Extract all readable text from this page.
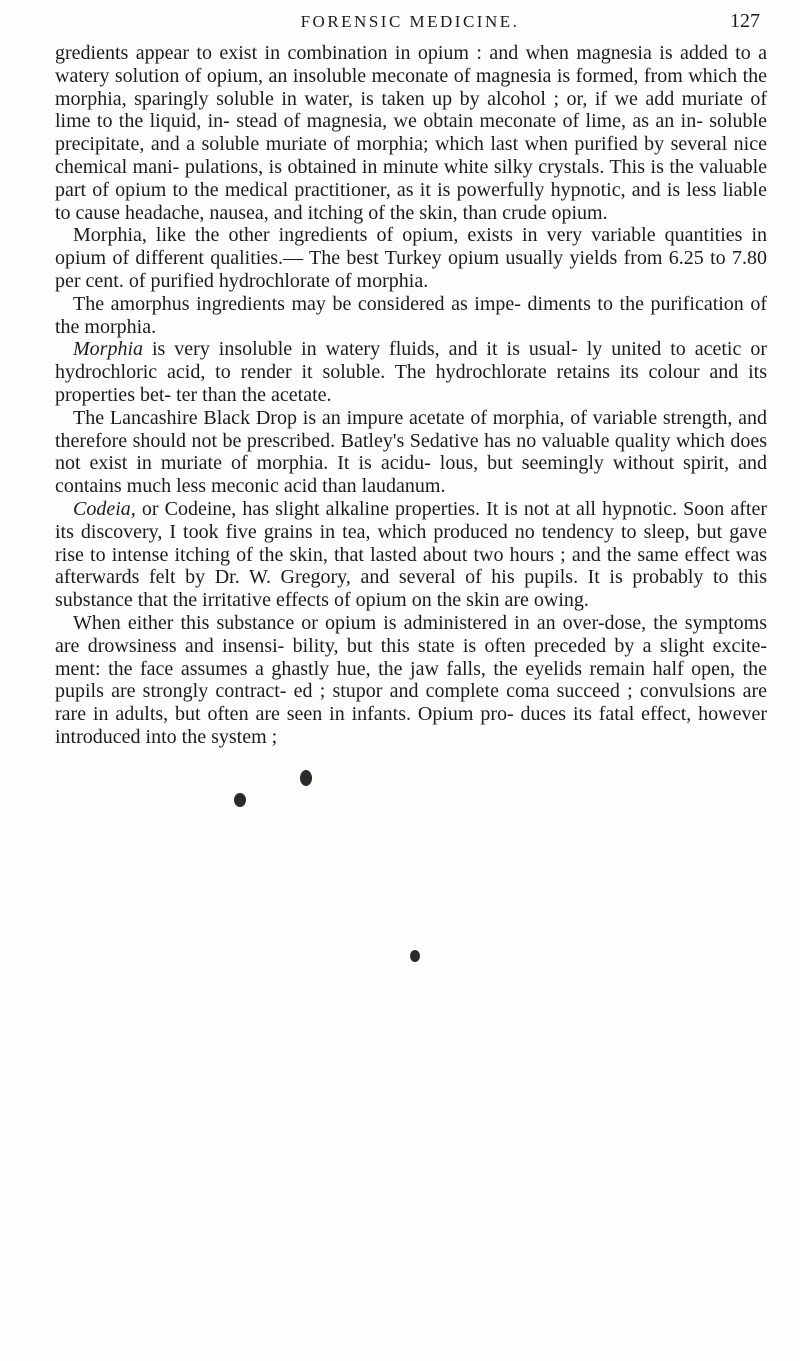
FORENSIC MEDICINE.	127

gredients appear to exist in combination in opium : and when magnesia is added to a watery solution of opium, an insoluble meconate of magnesia is formed, from which the morphia, sparingly soluble in water, is taken up by alcohol ; or, if we add muriate of lime to the liquid, in- stead of magnesia, we obtain meconate of lime, as an in- soluble precipitate, and a soluble muriate of morphia; which last when purified by several nice chemical mani- pulations, is obtained in minute white silky crystals. This is the valuable part of opium to the medical practitioner, as it is powerfully hypnotic, and is less liable to cause headache, nausea, and itching of the skin, than crude opium.

Morphia, like the other ingredients of opium, exists in very variable quantities in opium of different qualities.— The best Turkey opium usually yields from 6.25 to 7.80 per cent. of purified hydrochlorate of morphia.

The amorphus ingredients may be considered as impe- diments to the purification of the morphia.

Morphia is very insoluble in watery fluids, and it is usual- ly united to acetic or hydrochloric acid, to render it soluble. The hydrochlorate retains its colour and its properties bet- ter than the acetate.

The Lancashire Black Drop is an impure acetate of morphia, of variable strength, and therefore should not be prescribed. Batley's Sedative has no valuable quality which does not exist in muriate of morphia. It is acidu- lous, but seemingly without spirit, and contains much less meconic acid than laudanum.

Codeia, or Codeine, has slight alkaline properties. It is not at all hypnotic. Soon after its discovery, I took five grains in tea, which produced no tendency to sleep, but gave rise to intense itching of the skin, that lasted about two hours ; and the same effect was afterwards felt by Dr. W. Gregory, and several of his pupils. It is probably to this substance that the irritative effects of opium on the skin are owing.

When either this substance or opium is administered in an over-dose, the symptoms are drowsiness and insensi- bility, but this state is often preceded by a slight excite- ment: the face assumes a ghastly hue, the jaw falls, the eyelids remain half open, the pupils are strongly contract- ed ; stupor and complete coma succeed ; convulsions are rare in adults, but often are seen in infants. Opium pro- duces its fatal effect, however introduced into the system ;
